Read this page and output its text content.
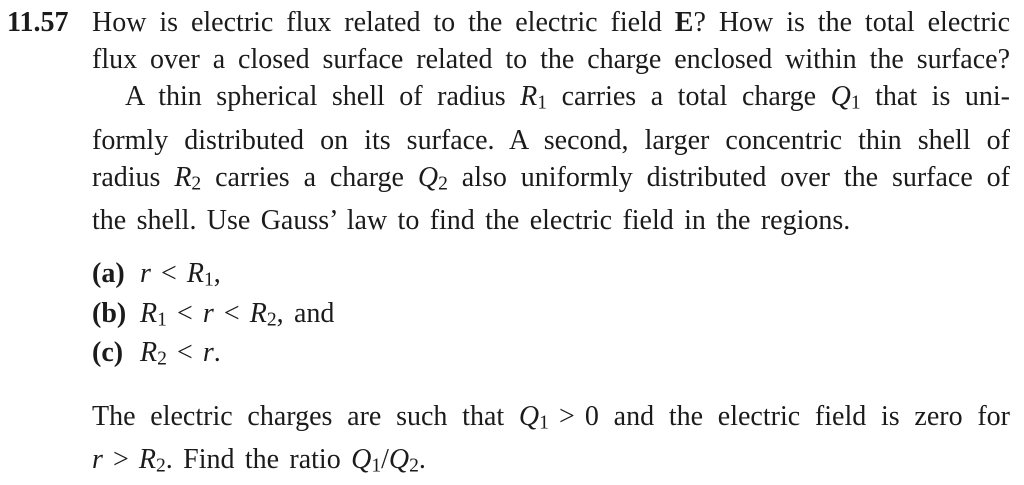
11.57 How is electric flux related to the electric field E? How is the total electric
flux over a closed surface related to the charge enclosed within the surface?
A thin spherical shell of radius R1 carries a total charge Q1 that is uni-
formly distributed on its surface. A second, larger concentric thin shell of
radius R2 carries a charge Q2 also uniformly distributed over the surface of
the shell. Use Gauss’ law to find the electric field in the regions.
(a) r < R1,
(b) R1 < r < R2, and
(c) R2 < r.
The electric charges are such that Q1 > 0 and the electric field is zero for
r > R2. Find the ratio Q1/Q2.
